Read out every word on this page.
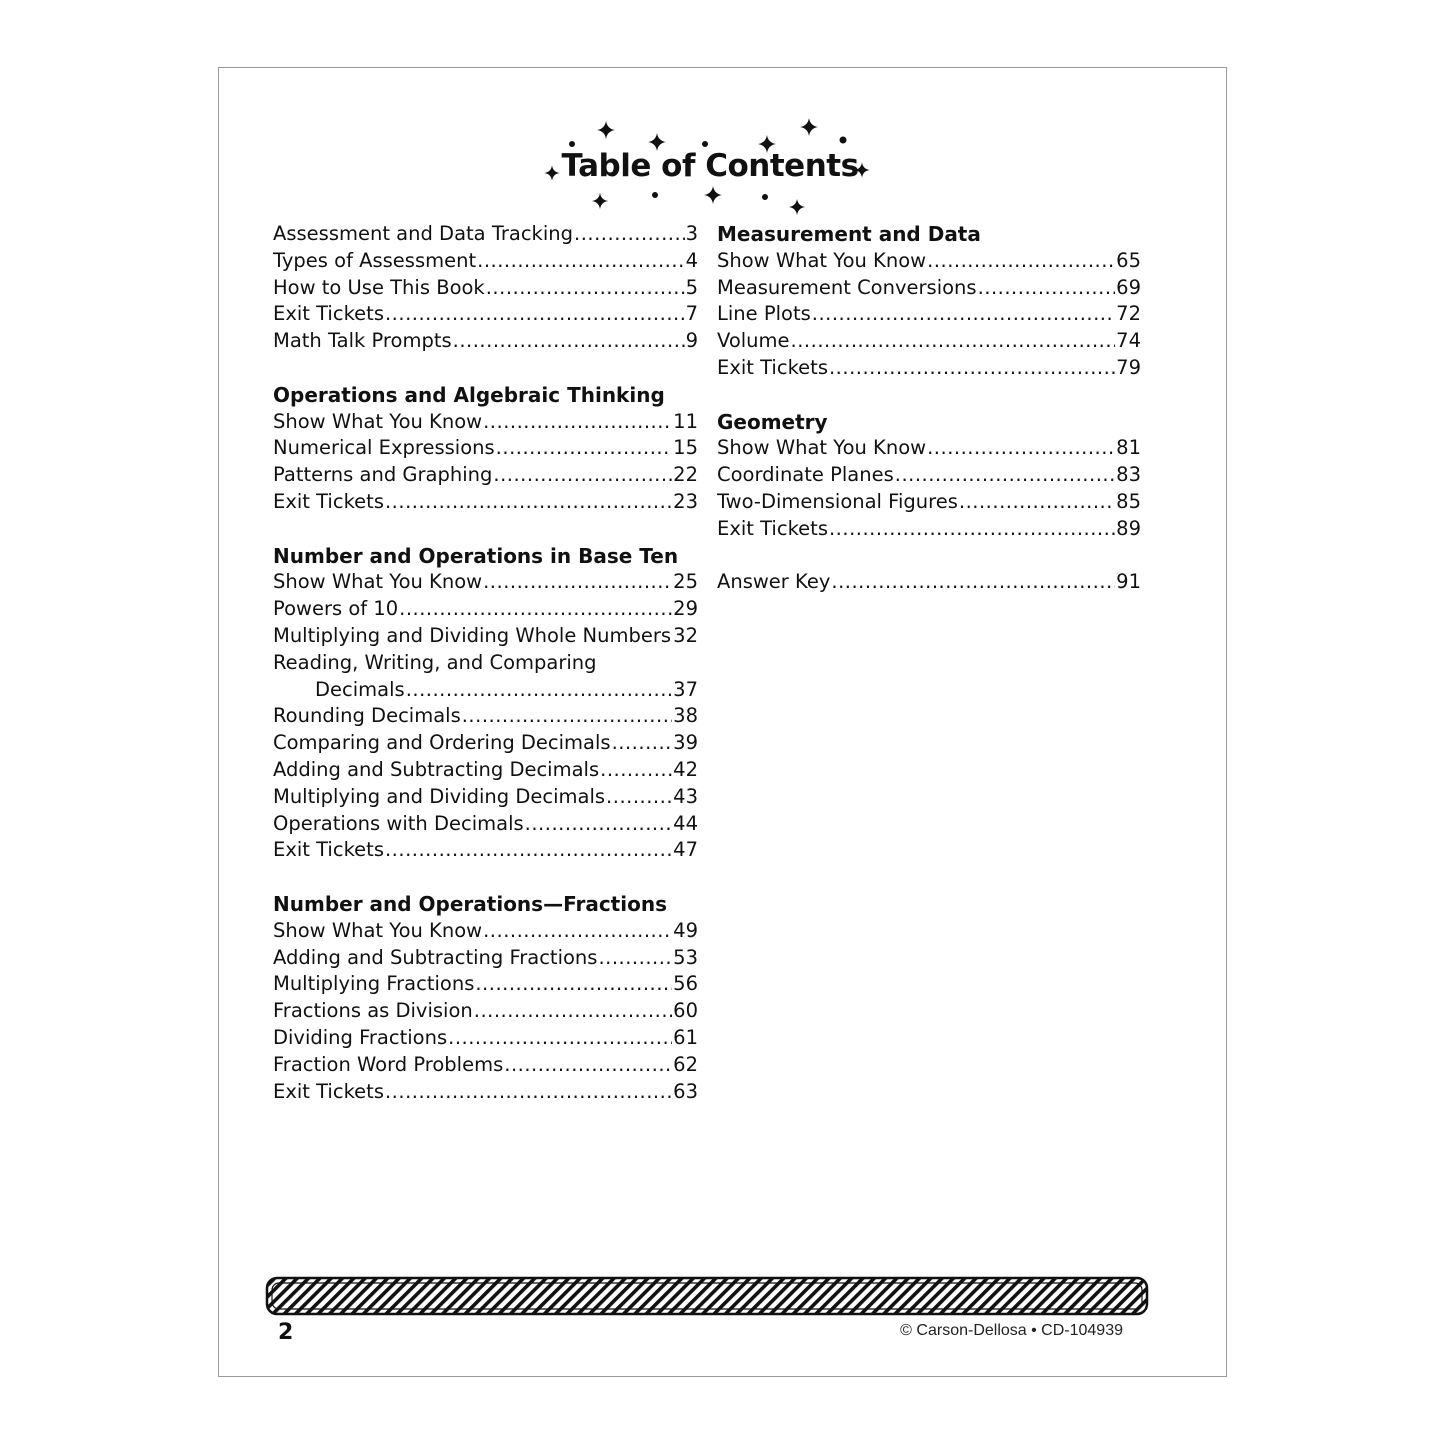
Table of Contents
Assessment and Data Tracking .....	3
Types of Assessment .....	4
How to Use This Book .....	5
Exit Tickets .....	7
Math Talk Prompts .....	9
Operations and Algebraic Thinking
Show What You Know .....	11
Numerical Expressions .....	15
Patterns and Graphing .....	22
Exit Tickets .....	23
Number and Operations in Base Ten
Show What You Know .....	25
Powers of 10 .....	29
Multiplying and Dividing Whole Numbers ..... 32
Reading, Writing, and Comparing
Decimals .....	37
Rounding Decimals .....	38
Comparing and Ordering Decimals .....	39
Adding and Subtracting Decimals .....	42
Multiplying and Dividing Decimals .....	43
Operations with Decimals .....	44
Exit Tickets .....	47
Number and Operations—Fractions
Show What You Know .....	49
Adding and Subtracting Fractions .....	53
Multiplying Fractions .....	56
Fractions as Division .....	60
Dividing Fractions .....	61
Fraction Word Problems .....	62
Exit Tickets .....	63
Measurement and Data
Show What You Know .....	65
Measurement Conversions .....	69
Line Plots .....	72
Volume .....	74
Exit Tickets .....	79
Geometry
Show What You Know .....	81
Coordinate Planes .....	83
Two-Dimensional Figures .....	85
Exit Tickets .....	89
Answer Key .....	91
2	© Carson-Dellosa • CD-104939
